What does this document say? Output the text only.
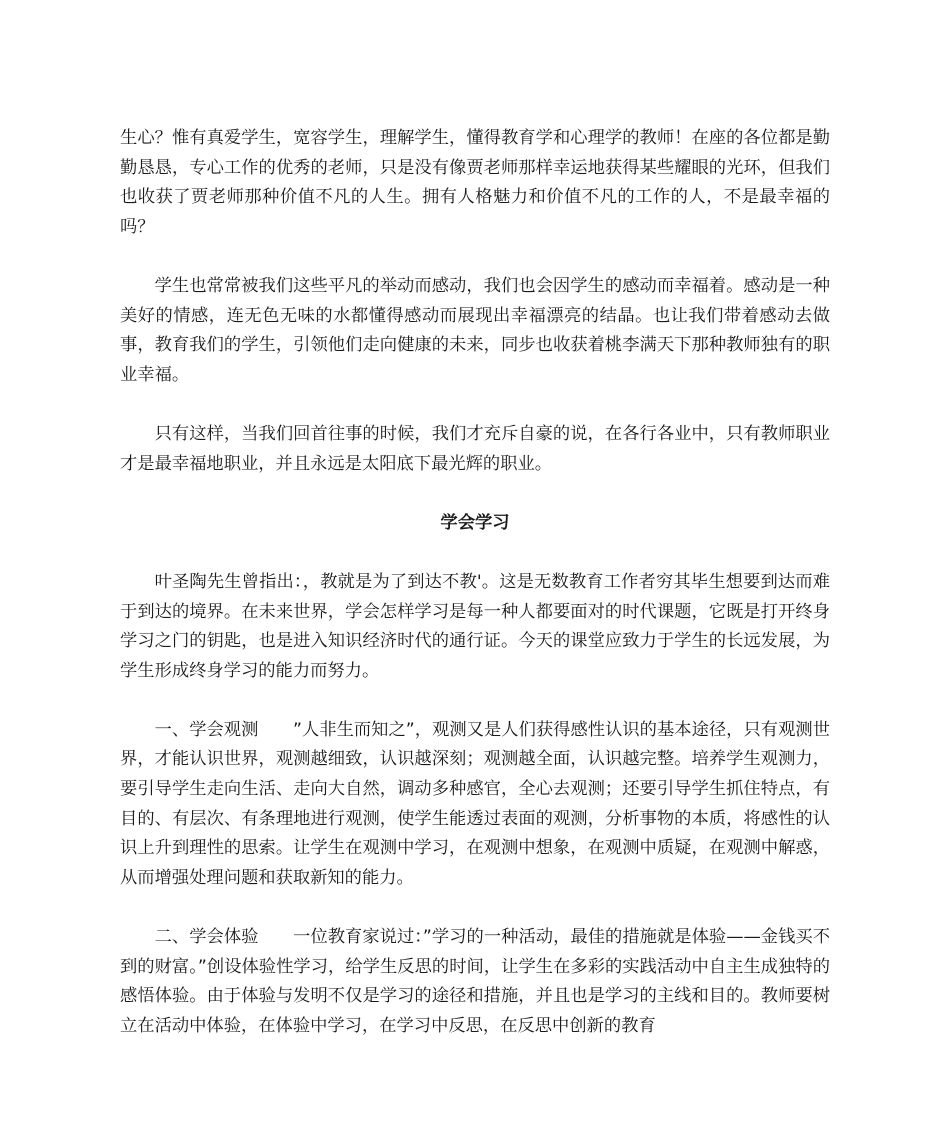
生心？惟有真爱学生，宽容学生，理解学生，懂得教育学和心理学的教师！在座的各位都是勤勤恳恳，专心工作的优秀的老师，只是没有像贾老师那样幸运地获得某些耀眼的光环，但我们也收获了贾老师那种价值不凡的人生。拥有人格魅力和价值不凡的工作的人，不是最幸福的吗？

学生也常常被我们这些平凡的举动而感动，我们也会因学生的感动而幸福着。感动是一种美好的情感，连无色无味的水都懂得感动而展现出幸福漂亮的结晶。也让我们带着感动去做事，教育我们的学生，引领他们走向健康的未来，同步也收获着桃李满天下那种教师独有的职业幸福。

只有这样，当我们回首往事的时候，我们才充斥自豪的说，在各行各业中，只有教师职业才是最幸福地职业，并且永远是太阳底下最光辉的职业。

学会学习

叶圣陶先生曾指出：，教就是为了到达不教'。这是无数教育工作者穷其毕生想要到达而难于到达的境界。在未来世界，学会怎样学习是每一种人都要面对的时代课题，它既是打开终身学习之门的钥匙，也是进入知识经济时代的通行证。今天的课堂应致力于学生的长远发展，为学生形成终身学习的能力而努力。

一、学会观测 ”人非生而知之”，观测又是人们获得感性认识的基本途径，只有观测世界，才能认识世界，观测越细致，认识越深刻；观测越全面，认识越完整。培养学生观测力，要引导学生走向生活、走向大自然，调动多种感官，全心去观测；还要引导学生抓住特点，有目的、有层次、有条理地进行观测，使学生能透过表面的观测，分析事物的本质，将感性的认识上升到理性的思索。让学生在观测中学习，在观测中想象，在观测中质疑，在观测中解惑，从而增强处理问题和获取新知的能力。

二、学会体验 一位教育家说过：”学习的一种活动，最佳的措施就是体验——金钱买不到的财富。”创设体验性学习，给学生反思的时间，让学生在多彩的实践活动中自主生成独特的感悟体验。由于体验与发明不仅是学习的途径和措施，并且也是学习的主线和目的。教师要树立在活动中体验，在体验中学习，在学习中反思，在反思中创新的教育
